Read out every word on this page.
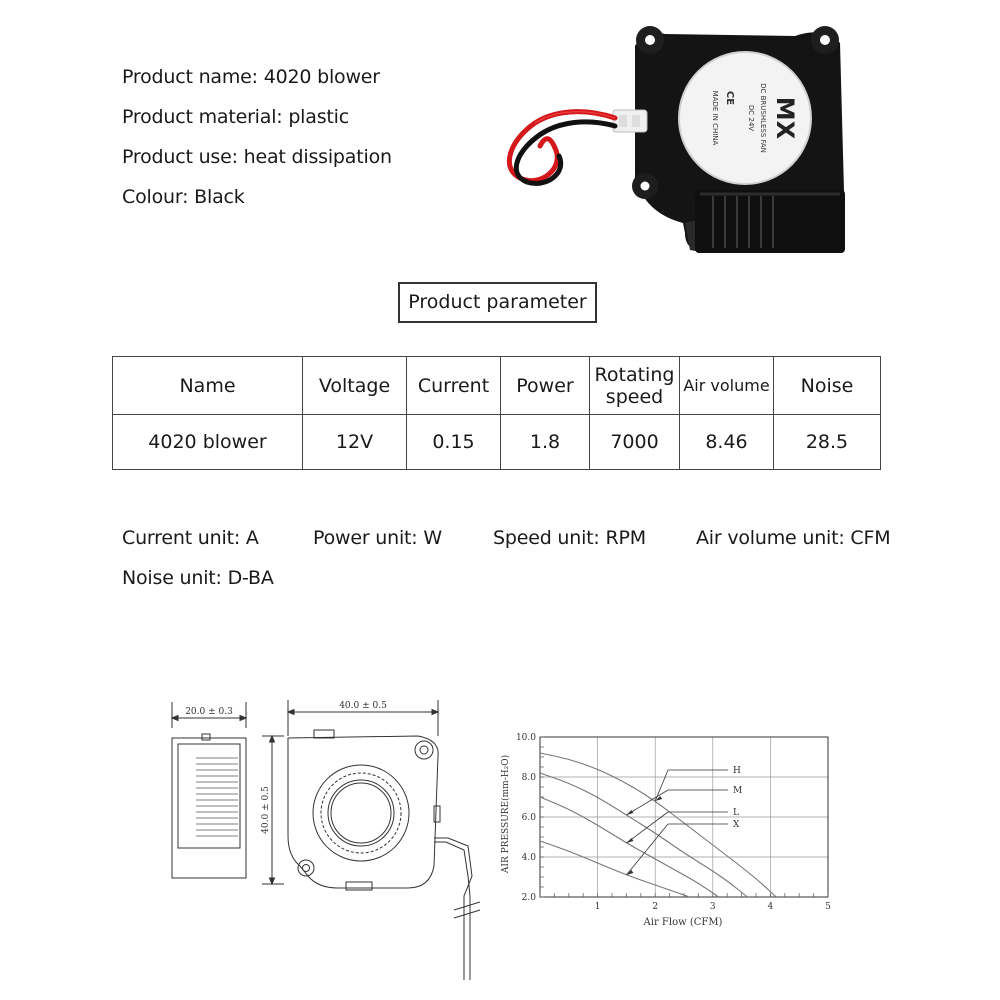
Product name: 4020 blower
Product material: plastic
Product use: heat dissipation
Colour: Black
MX
DC BRUSHLESS FAN
DC 24V
CE
MADE IN CHINA
Product parameter
Name	Voltage	Current	Power	Rotating speed	Air volume	Noise
4020 blower	12V	0.15	1.8	7000	8.46	28.5
Current unit: A	Power unit: W	Speed unit: RPM	Air volume unit: CFM
Noise unit: D-BA
20.0 ± 0.3
40.0 ± 0.5
40.0 ± 0.5
10.0
8.0
6.0
4.0
2.0
1	2	3	4	5
H
M
L
X
Air Flow (CFM)
AIR PRESSURE(mm-H₂O)
